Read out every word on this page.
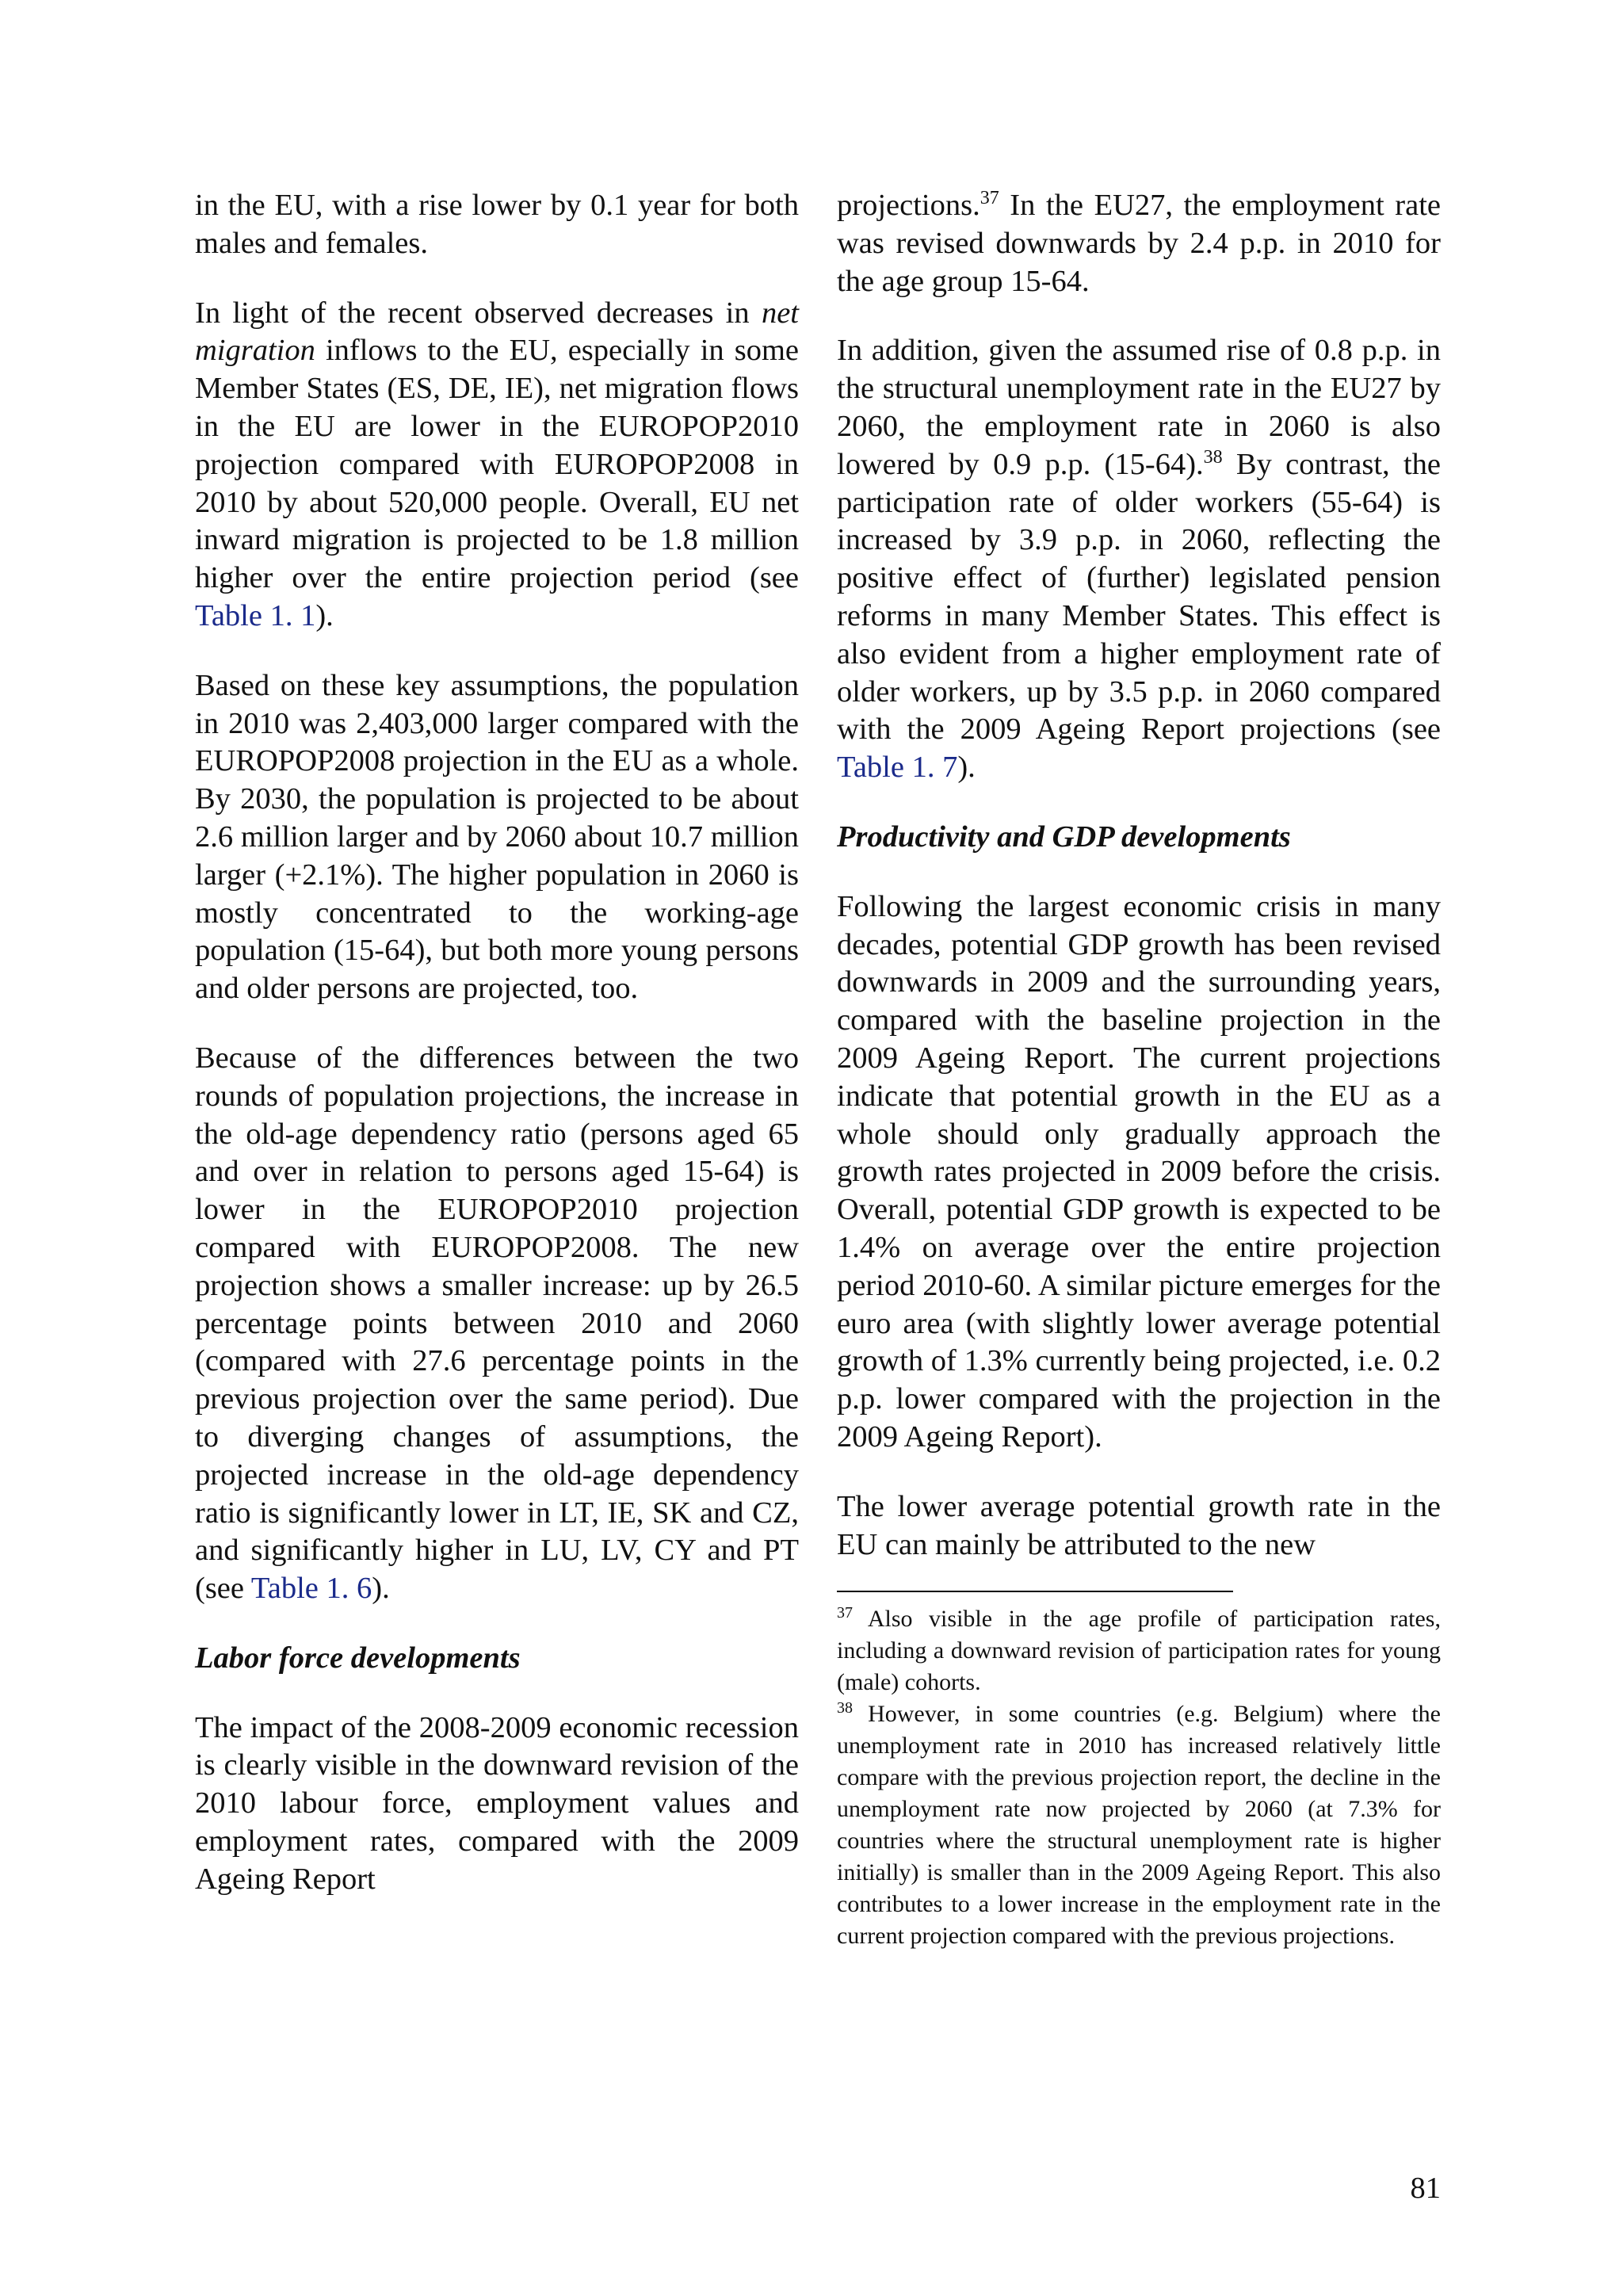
in the EU, with a rise lower by 0.1 year for both males and females.

In light of the recent observed decreases in net migration inflows to the EU, especially in some Member States (ES, DE, IE), net migration flows in the EU are lower in the EUROPOP2010 projection compared with EUROPOP2008 in 2010 by about 520,000 people. Overall, EU net inward migration is projected to be 1.8 million higher over the entire projection period (see Table 1. 1).

Based on these key assumptions, the population in 2010 was 2,403,000 larger compared with the EUROPOP2008 projection in the EU as a whole. By 2030, the population is projected to be about 2.6 million larger and by 2060 about 10.7 million larger (+2.1%). The higher population in 2060 is mostly concentrated to the working-age population (15-64), but both more young persons and older persons are projected, too.

Because of the differences between the two rounds of population projections, the increase in the old-age dependency ratio (persons aged 65 and over in relation to persons aged 15-64) is lower in the EUROPOP2010 projection compared with EUROPOP2008. The new projection shows a smaller increase: up by 26.5 percentage points between 2010 and 2060 (compared with 27.6 percentage points in the previous projection over the same period). Due to diverging changes of assumptions, the projected increase in the old-age dependency ratio is significantly lower in LT, IE, SK and CZ, and significantly higher in LU, LV, CY and PT (see Table 1. 6).

Labor force developments

The impact of the 2008-2009 economic recession is clearly visible in the downward revision of the 2010 labour force, employment values and employment rates, compared with the 2009 Ageing Report

projections.$^{37}$ In the EU27, the employment rate was revised downwards by 2.4 p.p. in 2010 for the age group 15-64.

In addition, given the assumed rise of 0.8 p.p. in the structural unemployment rate in the EU27 by 2060, the employment rate in 2060 is also lowered by 0.9 p.p. (15-64).$^{38}$ By contrast, the participation rate of older workers (55-64) is increased by 3.9 p.p. in 2060, reflecting the positive effect of (further) legislated pension reforms in many Member States. This effect is also evident from a higher employment rate of older workers, up by 3.5 p.p. in 2060 compared with the 2009 Ageing Report projections (see Table 1. 7).

Productivity and GDP developments

Following the largest economic crisis in many decades, potential GDP growth has been revised downwards in 2009 and the surrounding years, compared with the baseline projection in the 2009 Ageing Report. The current projections indicate that potential growth in the EU as a whole should only gradually approach the growth rates projected in 2009 before the crisis. Overall, potential GDP growth is expected to be 1.4% on average over the entire projection period 2010-60. A similar picture emerges for the euro area (with slightly lower average potential growth of 1.3% currently being projected, i.e. 0.2 p.p. lower compared with the projection in the 2009 Ageing Report).

The lower average potential growth rate in the EU can mainly be attributed to the new

$^{37}$ Also visible in the age profile of participation rates, including a downward revision of participation rates for young (male) cohorts.

$^{38}$ However, in some countries (e.g. Belgium) where the unemployment rate in 2010 has increased relatively little compare with the previous projection report, the decline in the unemployment rate now projected by 2060 (at 7.3% for countries where the structural unemployment rate is higher initially) is smaller than in the 2009 Ageing Report. This also contributes to a lower increase in the employment rate in the current projection compared with the previous projections.

81
